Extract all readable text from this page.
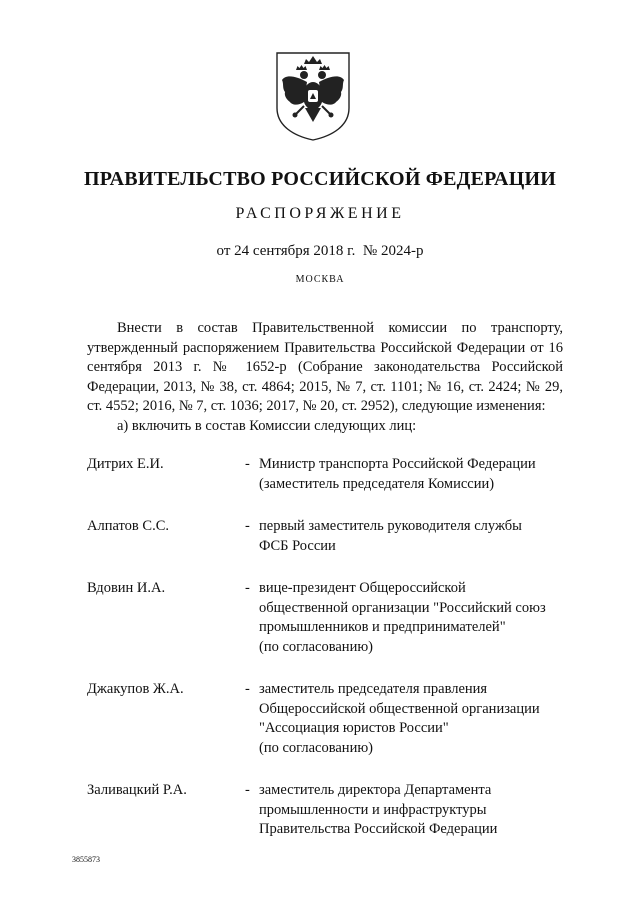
ПРАВИТЕЛЬСТВО РОССИЙСКОЙ ФЕДЕРАЦИИ
РАСПОРЯЖЕНИЕ
от 24 сентября 2018 г.  № 2024-р
МОСКВА

Внести в состав Правительственной комиссии по транспорту, утвержденный распоряжением Правительства Российской Федерации от 16 сентября 2013 г. № 1652-р (Собрание законодательства Российской Федерации, 2013, № 38, ст. 4864; 2015, № 7, ст. 1101; № 16, ст. 2424; № 29, ст. 4552; 2016, № 7, ст. 1036; 2017, № 20, ст. 2952), следующие изменения:

а) включить в состав Комиссии следующих лиц:

Дитрих Е.И.	- Министр транспорта Российской Федерации
(заместитель председателя Комиссии)
Алпатов С.С.	- первый заместитель руководителя службы
ФСБ России
Вдовин И.А.	- вице-президент Общероссийской
общественной организации "Российский союз
промышленников и предпринимателей"
(по согласованию)
Джакупов Ж.А.	- заместитель председателя правления
Общероссийской общественной организации
"Ассоциация юристов России"
(по согласованию)
Заливацкий Р.А.	- заместитель директора Департамента
промышленности и инфраструктуры
Правительства Российской Федерации
3855873
